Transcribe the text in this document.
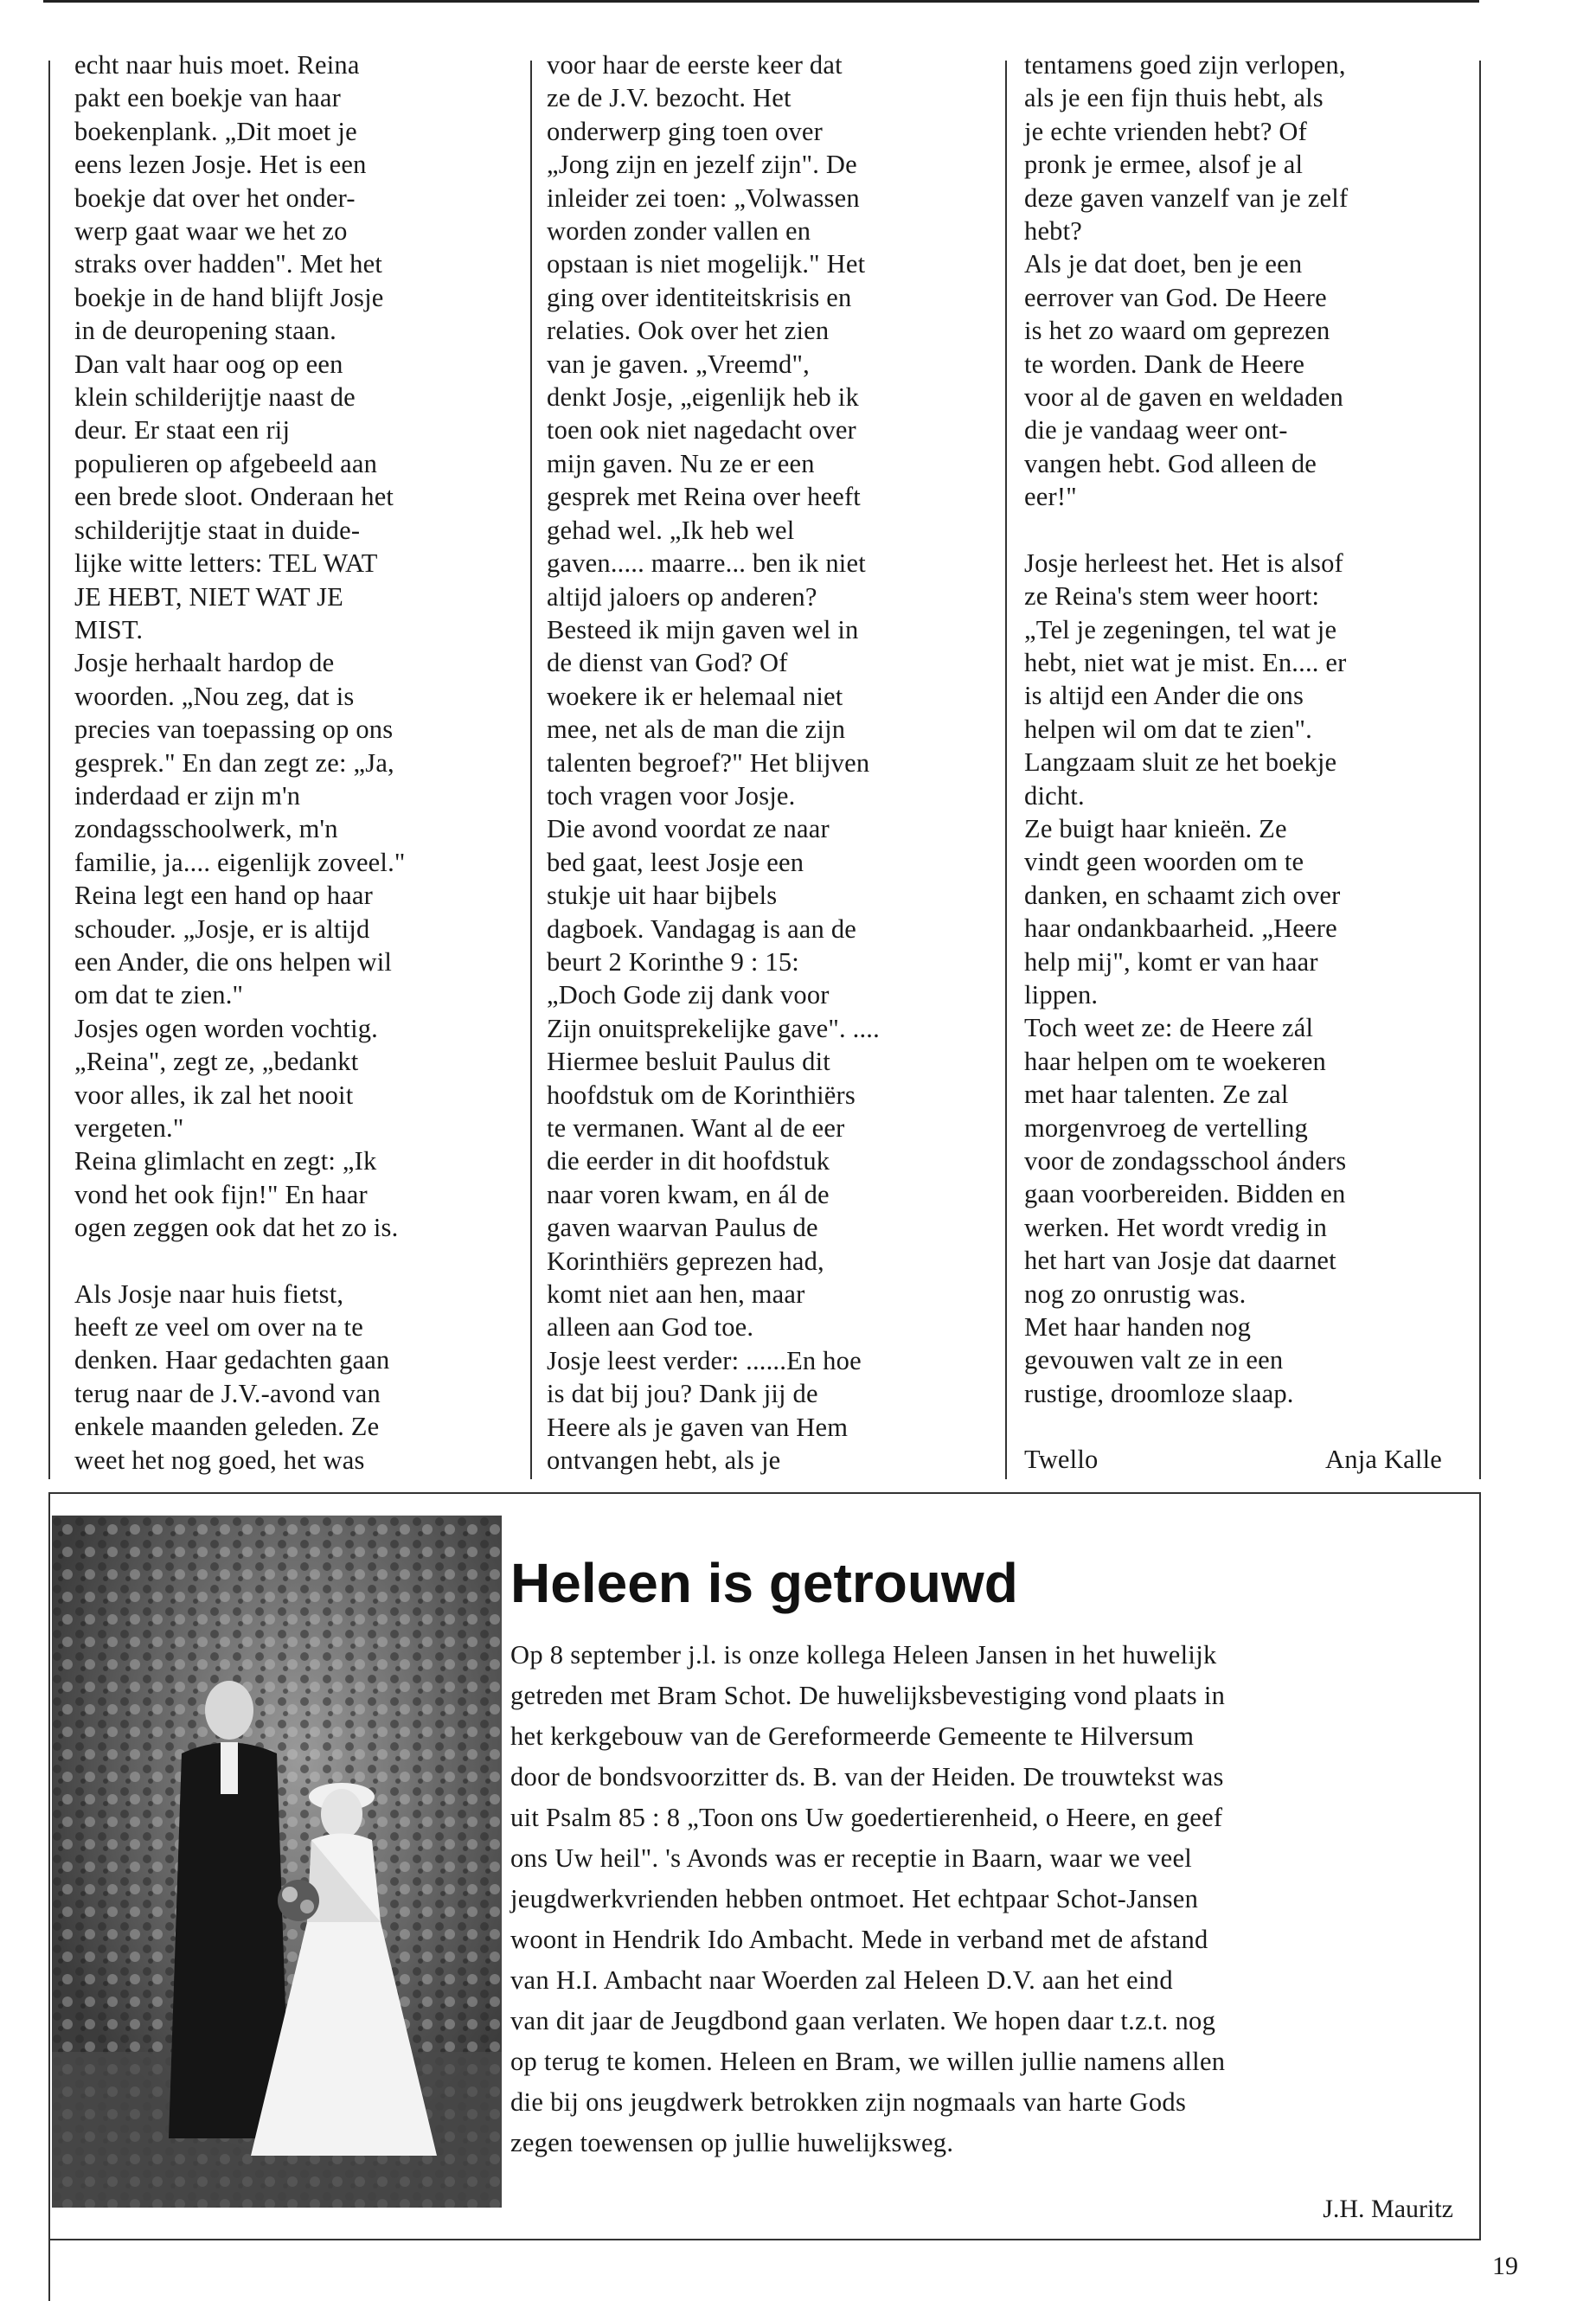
echt naar huis moet. Reina

pakt een boekje van haar

boekenplank. „Dit moet je

eens lezen Josje. Het is een

boekje dat over het onder-

werp gaat waar we het zo

straks over hadden". Met het

boekje in de hand blijft Josje

in de deuropening staan.

Dan valt haar oog op een

klein schilderijtje naast de

deur. Er staat een rij

populieren op afgebeeld aan

een brede sloot. Onderaan het

schilderijtje staat in duide-

lijke witte letters: TEL WAT

JE HEBT, NIET WAT JE

MIST.

Josje herhaalt hardop de

woorden. „Nou zeg, dat is

precies van toepassing op ons

gesprek." En dan zegt ze: „Ja,

inderdaad er zijn m'n

zondagsschoolwerk, m'n

familie, ja.... eigenlijk zoveel."

Reina legt een hand op haar

schouder. „Josje, er is altijd

een Ander, die ons helpen wil

om dat te zien."

Josjes ogen worden vochtig.

„Reina", zegt ze, „bedankt

voor alles, ik zal het nooit

vergeten."

Reina glimlacht en zegt: „Ik

vond het ook fijn!" En haar

ogen zeggen ook dat het zo is.

Als Josje naar huis fietst,

heeft ze veel om over na te

denken. Haar gedachten gaan

terug naar de J.V.-avond van

enkele maanden geleden. Ze

weet het nog goed, het was

voor haar de eerste keer dat

ze de J.V. bezocht. Het

onderwerp ging toen over

„Jong zijn en jezelf zijn". De

inleider zei toen: „Volwassen

worden zonder vallen en

opstaan is niet mogelijk." Het

ging over identiteitskrisis en

relaties. Ook over het zien

van je gaven. „Vreemd",

denkt Josje, „eigenlijk heb ik

toen ook niet nagedacht over

mijn gaven. Nu ze er een

gesprek met Reina over heeft

gehad wel. „Ik heb wel

gaven..... maarre... ben ik niet

altijd jaloers op anderen?

Besteed ik mijn gaven wel in

de dienst van God? Of

woekere ik er helemaal niet

mee, net als de man die zijn

talenten begroef?" Het blijven

toch vragen voor Josje.

Die avond voordat ze naar

bed gaat, leest Josje een

stukje uit haar bijbels

dagboek. Vandagag is aan de

beurt 2 Korinthe 9 : 15:

„Doch Gode zij dank voor

Zijn onuitsprekelijke gave". ....

Hiermee besluit Paulus dit

hoofdstuk om de Korinthiërs

te vermanen. Want al de eer

die eerder in dit hoofdstuk

naar voren kwam, en ál de

gaven waarvan Paulus de

Korinthiërs geprezen had,

komt niet aan hen, maar

alleen aan God toe.

Josje leest verder: ......En hoe

is dat bij jou? Dank jij de

Heere als je gaven van Hem

ontvangen hebt, als je

tentamens goed zijn verlopen,

als je een fijn thuis hebt, als

je echte vrienden hebt? Of

pronk je ermee, alsof je al

deze gaven vanzelf van je zelf

hebt?

Als je dat doet, ben je een

eerrover van God. De Heere

is het zo waard om geprezen

te worden. Dank de Heere

voor al de gaven en weldaden

die je vandaag weer ont-

vangen hebt. God alleen de

eer!"

Josje herleest het. Het is alsof

ze Reina's stem weer hoort:

„Tel je zegeningen, tel wat je

hebt, niet wat je mist. En.... er

is altijd een Ander die ons

helpen wil om dat te zien".

Langzaam sluit ze het boekje

dicht.

Ze buigt haar knieën. Ze

vindt geen woorden om te

danken, en schaamt zich over

haar ondankbaarheid. „Heere

help mij", komt er van haar

lippen.

Toch weet ze: de Heere zál

haar helpen om te woekeren

met haar talenten. Ze zal

morgenvroeg de vertelling

voor de zondagsschool ánders

gaan voorbereiden. Bidden en

werken. Het wordt vredig in

het hart van Josje dat daarnet

nog zo onrustig was.

Met haar handen nog

gevouwen valt ze in een

rustige, droomloze slaap.

Twello	Anja Kalle
Heleen is getrouwd

Op 8 september j.l. is onze kollega Heleen Jansen in het huwelijk

getreden met Bram Schot. De huwelijksbevestiging vond plaats in

het kerkgebouw van de Gereformeerde Gemeente te Hilversum

door de bondsvoorzitter ds. B. van der Heiden. De trouwtekst was

uit Psalm 85 : 8 „Toon ons Uw goedertierenheid, o Heere, en geef

ons Uw heil". 's Avonds was er receptie in Baarn, waar we veel

jeugdwerkvrienden hebben ontmoet. Het echtpaar Schot-Jansen

woont in Hendrik Ido Ambacht. Mede in verband met de afstand

van H.I. Ambacht naar Woerden zal Heleen D.V. aan het eind

van dit jaar de Jeugdbond gaan verlaten. We hopen daar t.z.t. nog

op terug te komen. Heleen en Bram, we willen jullie namens allen

die bij ons jeugdwerk betrokken zijn nogmaals van harte Gods

zegen toewensen op jullie huwelijksweg.

J.H. Mauritz
19
